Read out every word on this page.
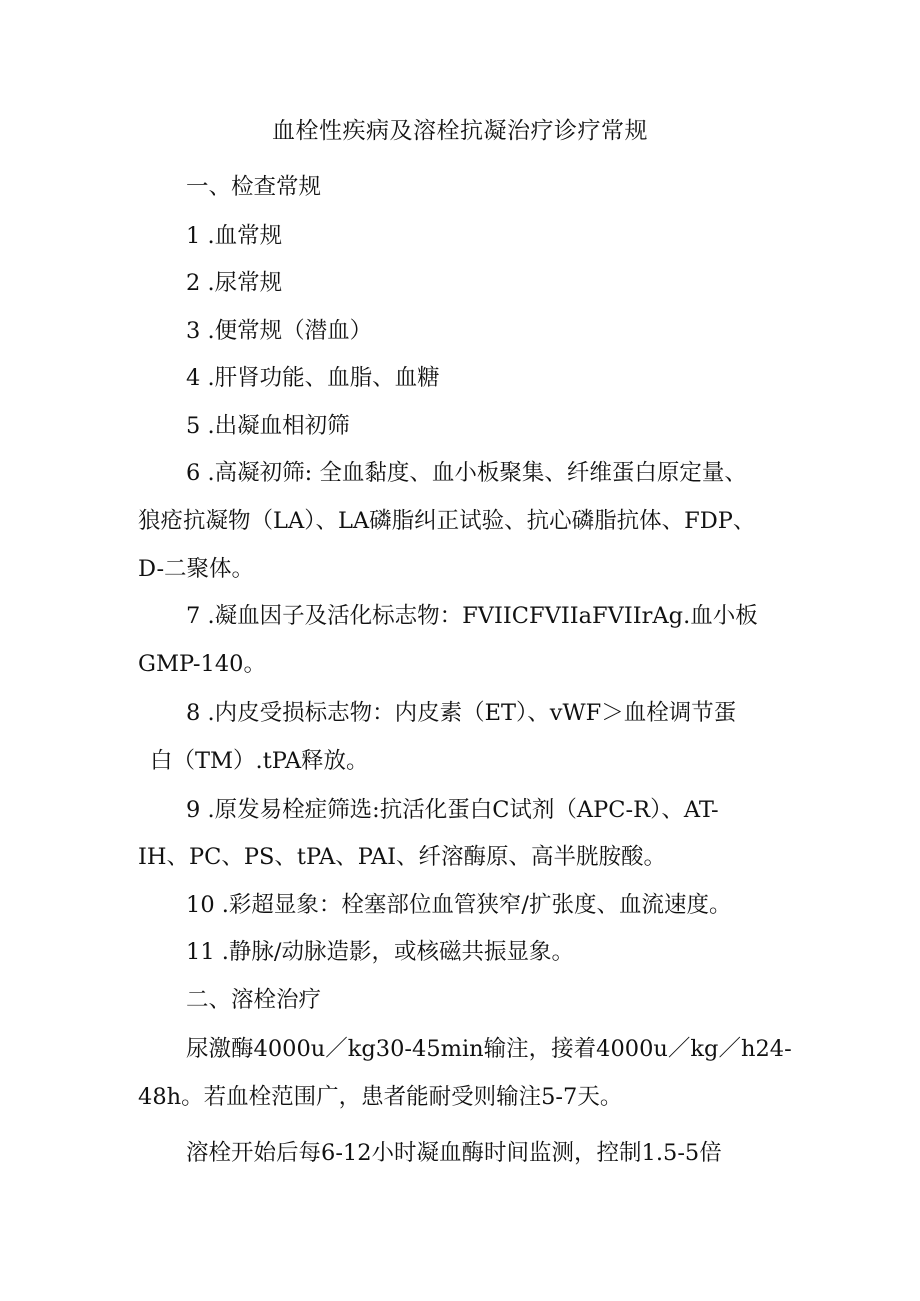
血栓性疾病及溶栓抗凝治疗诊疗常规
一、检查常规
1 .血常规
2 .尿常规
3 .便常规（潜血）
4 .肝肾功能、血脂、血糖
5 .出凝血相初筛
6 .高凝初筛: 全血黏度、血小板聚集、纤维蛋白原定量、
狼疮抗凝物（LA）、LA磷脂纠正试验、抗心磷脂抗体、FDP、
D-二聚体。
7 .凝血因子及活化标志物：FVIICFVIIaFVIIrAg.血小板
GMP-140。
8 .内皮受损标志物：内皮素（ET）、vWF＞血栓调节蛋
白（TM）.tPA释放。
9 .原发易栓症筛选:抗活化蛋白C试剂（APC-R）、AT-
IH、PC、PS、tPA、PAI、纤溶酶原、高半胱胺酸。
10 .彩超显象：栓塞部位血管狭窄/扩张度、血流速度。
11 .静脉/动脉造影，或核磁共振显象。
二、溶栓治疗
尿激酶4000u／kg30-45min输注，接着4000u／kg／h24-
48h。若血栓范围广，患者能耐受则输注5-7天。
溶栓开始后每6-12小时凝血酶时间监测，控制1.5-5倍
